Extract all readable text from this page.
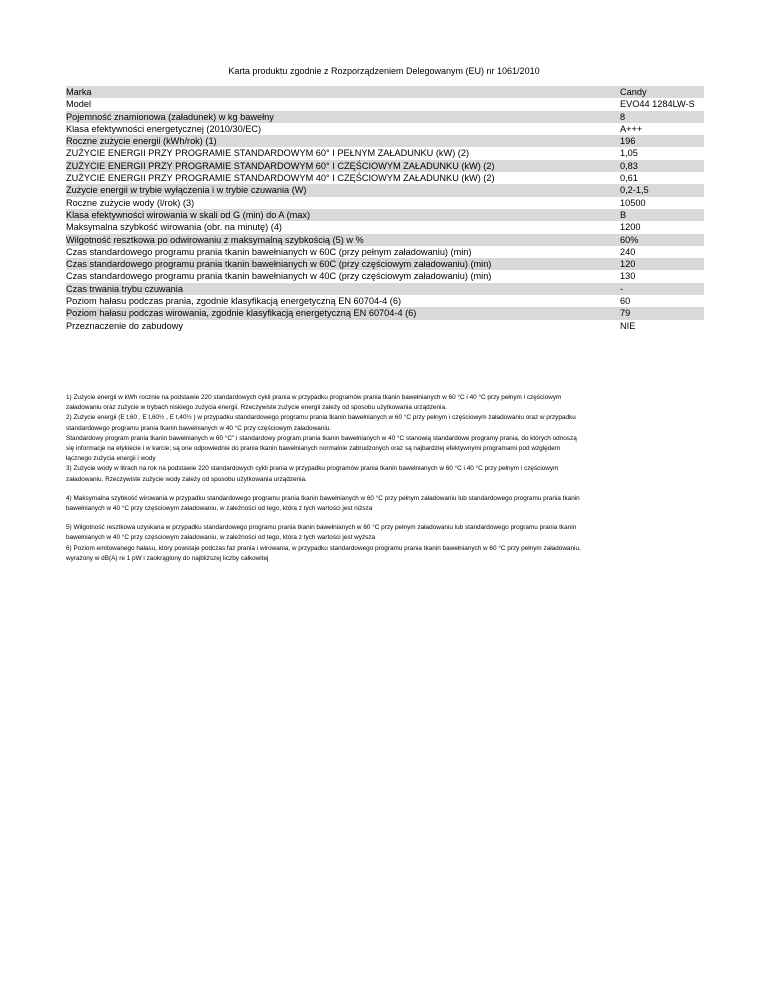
Karta produktu zgodnie z Rozporządzeniem Delegowanym (EU) nr 1061/2010
Marka	Candy
Model	EVO44 1284LW-S
Pojemność znamionowa (załadunek) w kg bawełny	8
Klasa efektywności energetycznej (2010/30/EC)	A+++
Roczne zużycie energii (kWh/rok) (1)	196
ZUŻYCIE ENERGII PRZY PROGRAMIE STANDARDOWYM 60° I PEŁNYM ZAŁADUNKU (kW) (2)	1,05
ZUŻYCIE ENERGII PRZY PROGRAMIE STANDARDOWYM 60° I CZĘŚCIOWYM ZAŁADUNKU (kW) (2)	0,83
ZUŻYCIE ENERGII PRZY PROGRAMIE STANDARDOWYM 40° I CZĘŚCIOWYM ZAŁADUNKU (kW) (2)	0,61
Zużycie energii w trybie wyłączenia i w trybie czuwania (W)	0,2-1,5
Roczne zużycie wody (l/rok) (3)	10500
Klasa efektywności wirowania w skali od G (min) do A (max)	B
Maksymalna szybkość wirowania (obr. na minutę) (4)	1200
Wilgotność resztkowa po odwirowaniu z maksymalną szybkością (5) w %	60%
Czas standardowego programu prania tkanin bawełnianych w 60C (przy pełnym załadowaniu) (min)	240
Czas standardowego programu prania tkanin bawełnianych w 60C (przy częściowym załadowaniu) (min)	120
Czas standardowego programu prania tkanin bawełnianych w 40C (przy częściowym załadowaniu) (min)	130
Czas trwania trybu czuwania	-
Poziom hałasu podczas prania, zgodnie klasyfikacją energetyczną EN 60704-4 (6)	60
Poziom hałasu podczas wirowania, zgodnie klasyfikacją energetyczną EN 60704-4 (6)	79
Przeznaczenie do zabudowy	NIE

1) Zużycie energii w kWh rocznie na podstawie 220 standardowych cykli prania w przypadku programów prania tkanin bawełnianych w 60 °C i 40 °C przy pełnym i częściowym załadowaniu oraz zużycie w trybach niskiego zużycia energii. Rzeczywiste zużycie energii zależy od sposobu użytkowania urządzenia.

2) Zużycie energii (E t,60 , E t,60½ , E t,40½ ) w przypadku standardowego programu prania tkanin bawełnianych w 60 °C przy pełnym i częściowym załadowaniu oraz w przypadku standardowego programu prania tkanin bawełnianych w 40 °C przy częściowym załadowaniu.

Standardowy program prania tkanin bawełnianych w 60 °C" i standardowy program prania tkanin bawełnianych w 40 °C stanowią standardowe programy prania, do których odnoszą się informacje na etykiecie i w karcie; są one odpowiednie do prania tkanin bawełnianych normalnie zabrudzonych oraz są najbardziej efektywnymi programami pod względem łącznego zużycia energii i wody

3) Zużycie wody w litrach na rok na podstawie 220 standardowych cykli prania w przypadku programów prania tkanin bawełnianych w 60 °C i 40 °C przy pełnym i częściowym załadowaniu. Rzeczywiste zużycie wody zależy od sposobu użytkowania urządzenia.

4) Maksymalna szybkość wirowania w przypadku standardowego programu prania tkanin bawełnianych w 60 °C przy pełnym załadowaniu lub standardowego programu prania tkanin bawełnianych w 40 °C przy częściowym załadowaniu, w zależności od tego, która z tych wartości jest niższa

5) Wilgotność resztkowa uzyskana w przypadku standardowego programu prania tkanin bawełnianych w 60 °C przy pełnym załadowaniu lub standardowego programu prania tkanin bawełnianych w 40 °C przy częściowym załadowaniu, w zależności od tego, która z tych wartości jest wyższa

6) Poziom emitowanego hałasu, który powstaje podczas faz prania i wirowania, w przypadku standardowego programu prania tkanin bawełnianych w 60 °C przy pełnym załadowaniu, wyrażony w dB(A) re 1 pW i zaokrąglony do najbliższej liczby całkowitej
